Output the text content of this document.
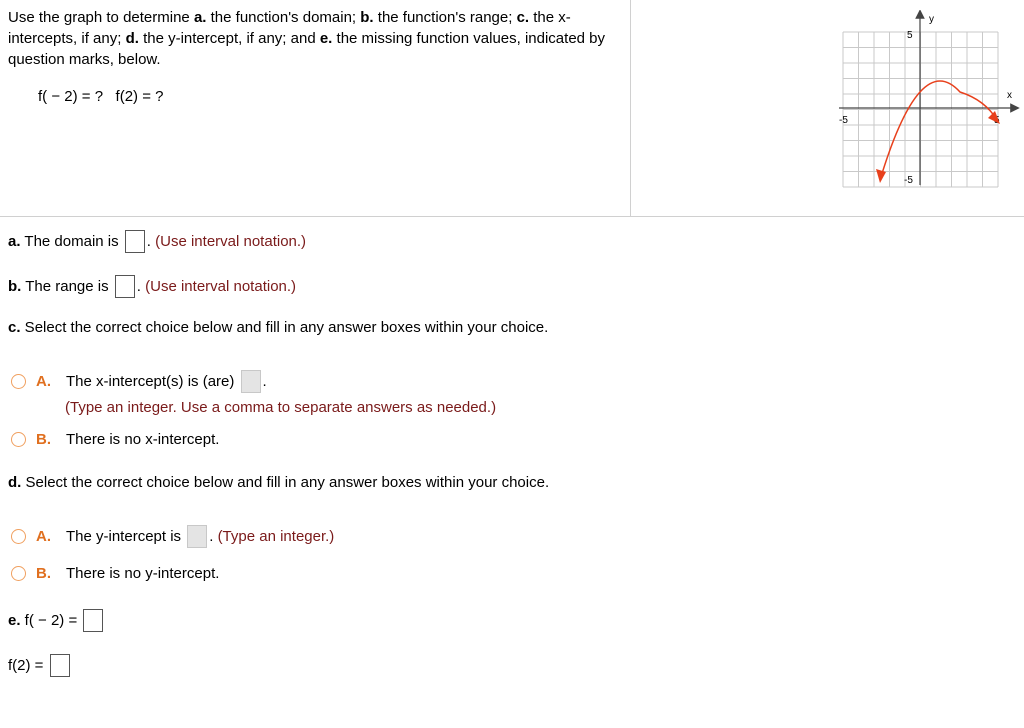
Use the graph to determine a. the function's domain; b. the function's range; c. the x-intercepts, if any; d. the y-intercept, if any; and e. the missing function values, indicated by question marks, below.
f( − 2) = ?   f(2) = ?	x
y
5
-5
-5
a. The domain is . (Use interval notation.)
b. The range is . (Use interval notation.)
c. Select the correct choice below and fill in any answer boxes within your choice.
A.	The x-intercept(s) is (are) .
(Type an integer. Use a comma to separate answers as needed.)
B.	There is no x-intercept.
d. Select the correct choice below and fill in any answer boxes within your choice.
A.	The y-intercept is . (Type an integer.)
B.	There is no y-intercept.
e. f( − 2) =
f(2) =
